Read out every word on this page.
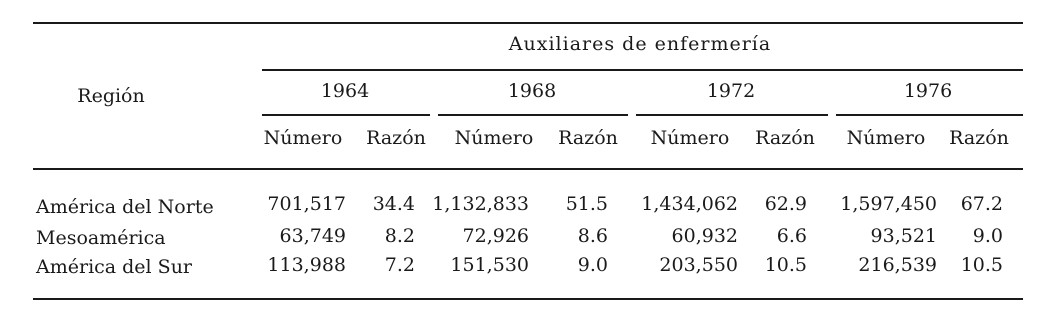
Auxiliares de enfermería
Región	1964	1968	1972	1976
Número Razón Número Razón Número Razón Número Razón
América del Norte	701,517 34.4 1,132,833 51.5 1,434,062 62.9 1,597,450 67.2
Mesoamérica	63,749 8.2	72,926	8.6	60,932 6.6	93,521 9.0
América del Sur	113,988 7.2 151,530	9.0	203,550 10.5	216,539 10.5
